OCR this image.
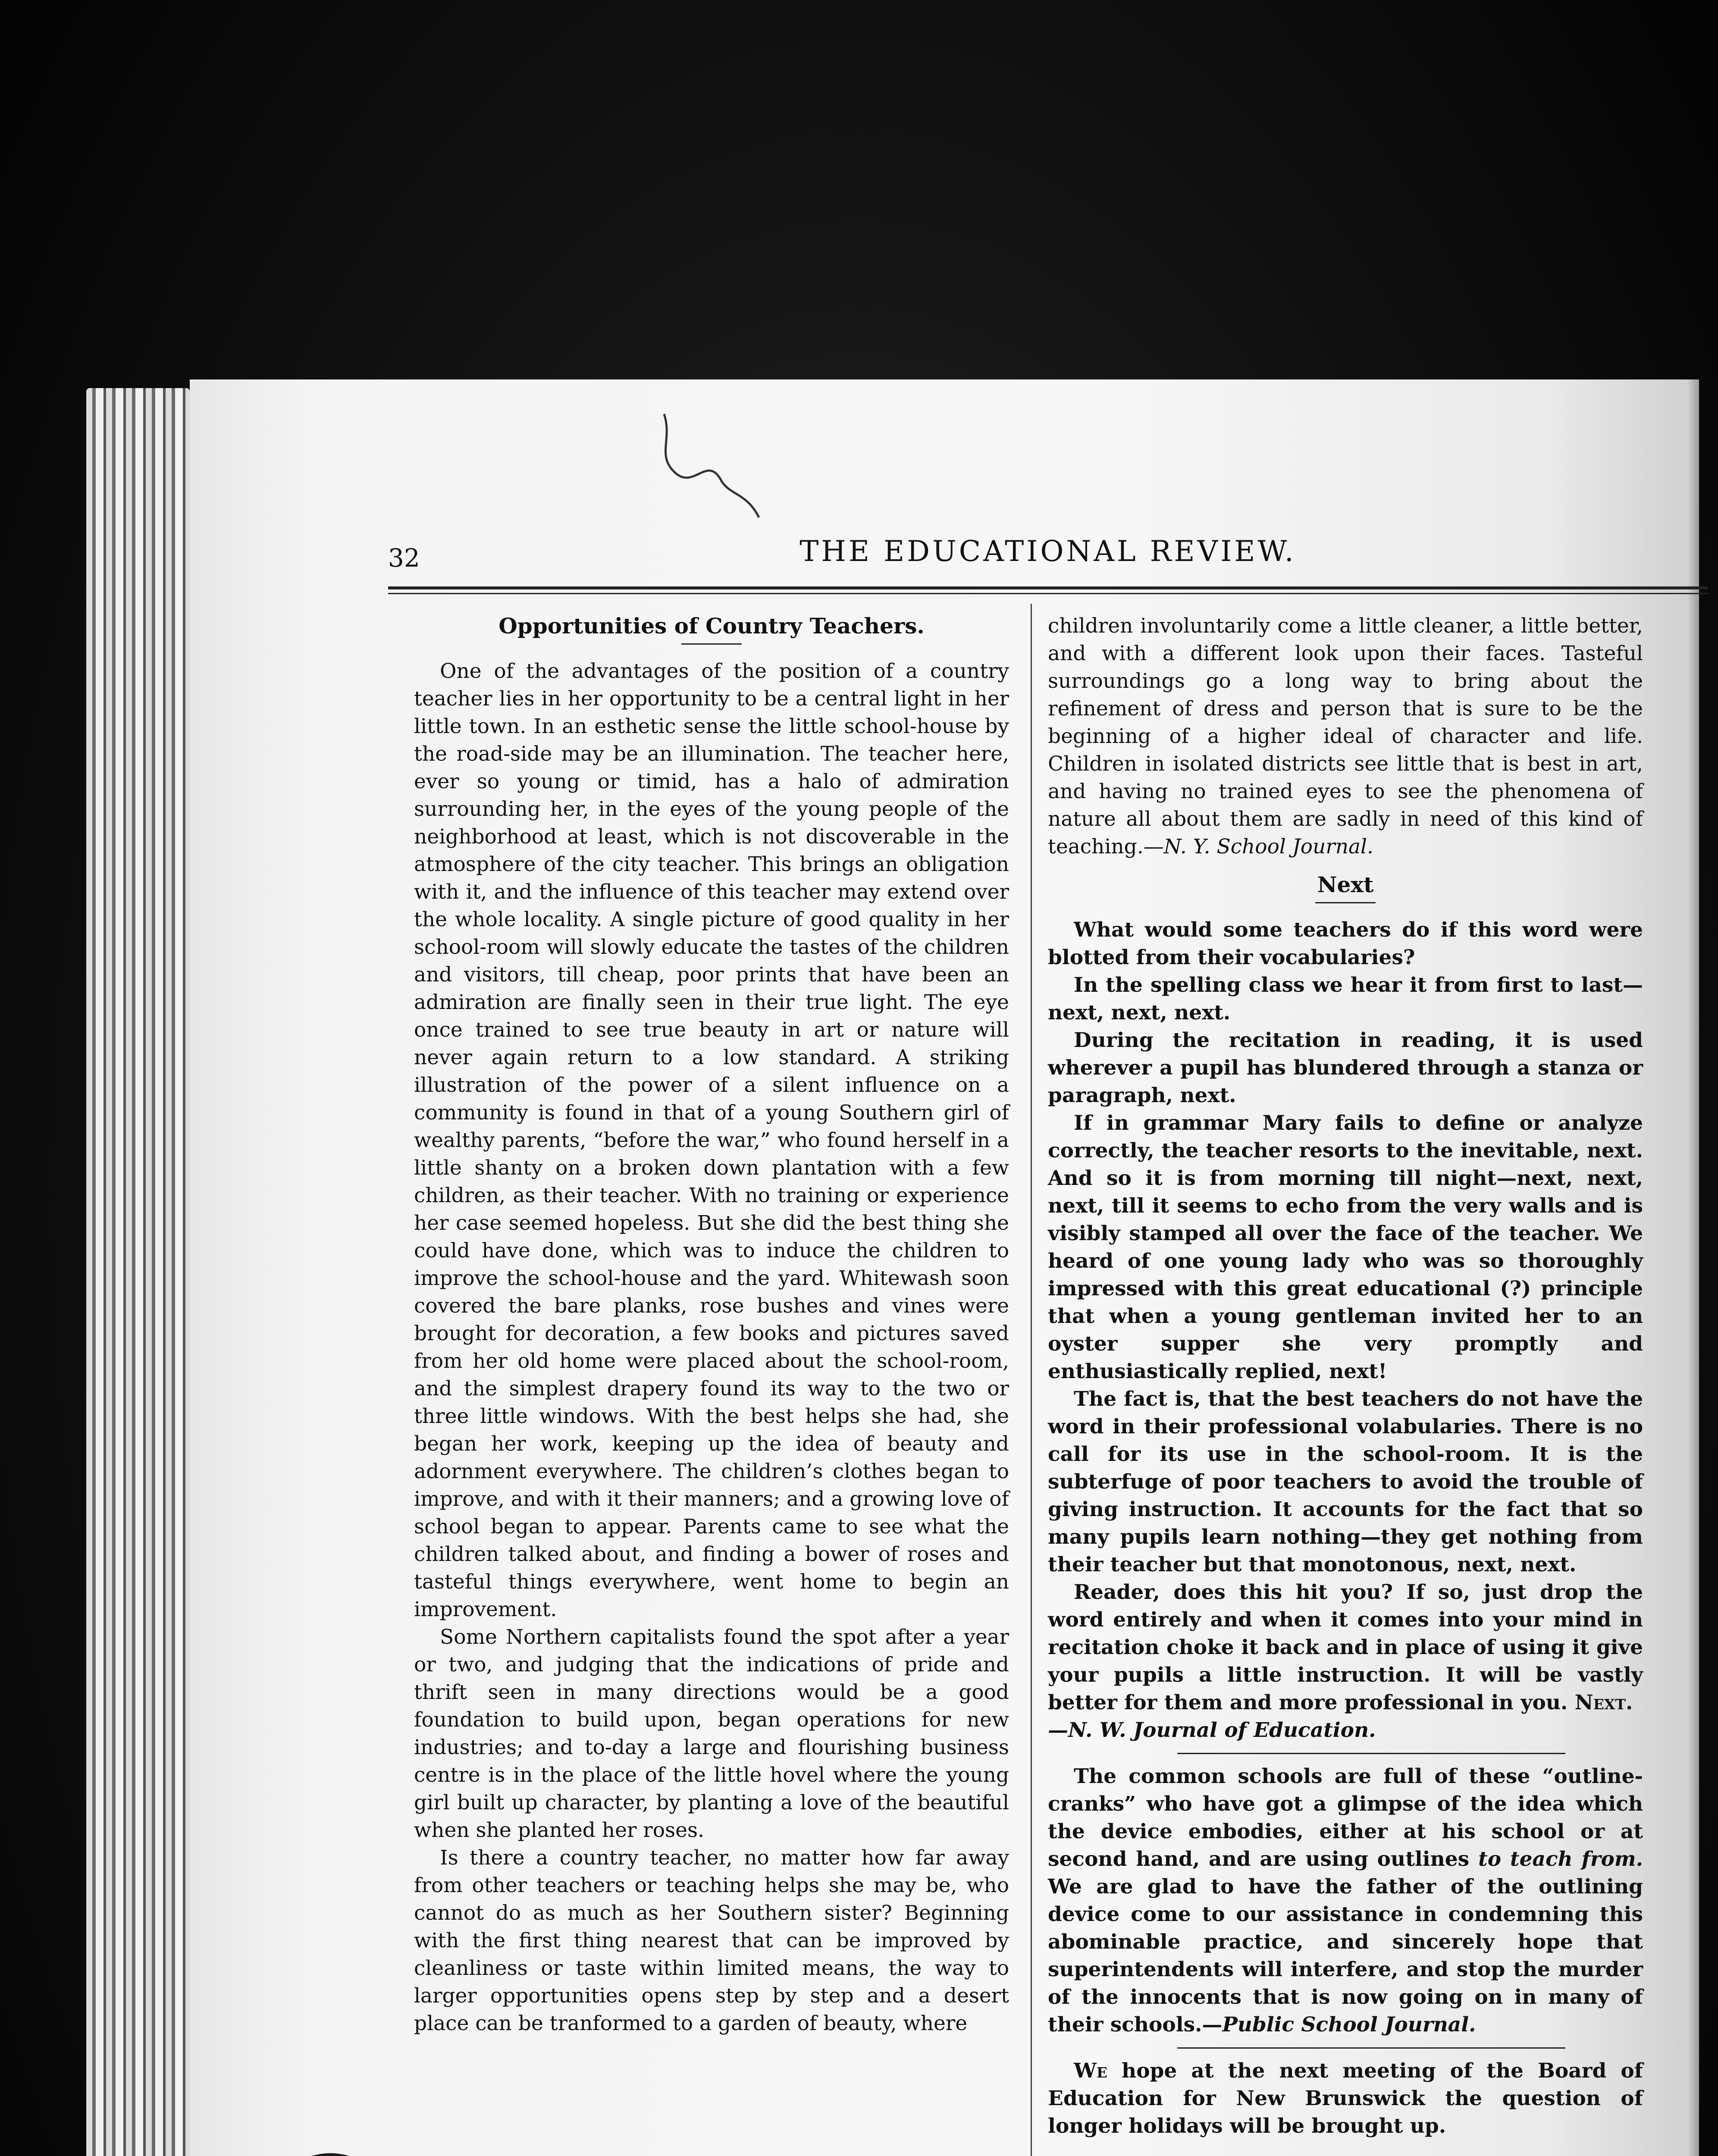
32	THE EDUCATIONAL REVIEW.

Opportunities of Country Teachers.

One of the advantages of the position of a country teacher lies in her opportunity to be a central light in her little town. In an esthetic sense the little school-house by the road-side may be an illumination. The teacher here, ever so young or timid, has a halo of admiration surrounding her, in the eyes of the young people of the neighborhood at least, which is not discoverable in the atmosphere of the city teacher. This brings an obligation with it, and the influence of this teacher may extend over the whole locality. A single picture of good quality in her school-room will slowly educate the tastes of the children and visitors, till cheap, poor prints that have been an admiration are finally seen in their true light. The eye once trained to see true beauty in art or nature will never again return to a low standard. A striking illustration of the power of a silent influence on a community is found in that of a young Southern girl of wealthy parents, “before the war,” who found herself in a little shanty on a broken down plantation with a few children, as their teacher. With no training or experience her case seemed hopeless. But she did the best thing she could have done, which was to induce the children to improve the school-house and the yard. Whitewash soon covered the bare planks, rose bushes and vines were brought for decoration, a few books and pictures saved from her old home were placed about the school-room, and the simplest drapery found its way to the two or three little windows. With the best helps she had, she began her work, keeping up the idea of beauty and adornment everywhere. The children’s clothes began to improve, and with it their manners; and a growing love of school began to appear. Parents came to see what the children talked about, and finding a bower of roses and tasteful things everywhere, went home to begin an improvement.

Some Northern capitalists found the spot after a year or two, and judging that the indications of pride and thrift seen in many directions would be a good foundation to build upon, began operations for new industries; and to-day a large and flourishing business centre is in the place of the little hovel where the young girl built up character, by planting a love of the beautiful when she planted her roses.

Is there a country teacher, no matter how far away from other teachers or teaching helps she may be, who cannot do as much as her Southern sister? Beginning with the first thing nearest that can be improved by cleanliness or taste within limited means, the way to larger opportunities opens step by step and a desert place can be tranformed to a garden of beauty, where

children involuntarily come a little cleaner, a little better, and with a different look upon their faces. Tasteful surroundings go a long way to bring about the refinement of dress and person that is sure to be the beginning of a higher ideal of character and life. Children in isolated districts see little that is best in art, and having no trained eyes to see the phenomena of nature all about them are sadly in need of this kind of teaching.—N. Y. School Journal.

Next

What would some teachers do if this word were blotted from their vocabularies?

In the spelling class we hear it from first to last—next, next, next.

During the recitation in reading, it is used wherever a pupil has blundered through a stanza or paragraph, next.

If in grammar Mary fails to define or analyze correctly, the teacher resorts to the inevitable, next. And so it is from morning till night—next, next, next, till it seems to echo from the very walls and is visibly stamped all over the face of the teacher. We heard of one young lady who was so thoroughly impressed with this great educational (?) principle that when a young gentleman invited her to an oyster supper she very promptly and enthusiastically replied, next!

The fact is, that the best teachers do not have the word in their professional volabularies. There is no call for its use in the school-room. It is the subterfuge of poor teachers to avoid the trouble of giving instruction. It accounts for the fact that so many pupils learn nothing—they get nothing from their teacher but that monotonous, next, next.

Reader, does this hit you? If so, just drop the word entirely and when it comes into your mind in recitation choke it back and in place of using it give your pupils a little instruction. It will be vastly better for them and more professional in you. Next.

—N. W. Journal of Education.

The common schools are full of these “outline-cranks” who have got a glimpse of the idea which the device embodies, either at his school or at second hand, and are using outlines to teach from. We are glad to have the father of the outlining device come to our assistance in condemning this abominable practice, and sincerely hope that superintendents will interfere, and stop the murder of the innocents that is now going on in many of their schools.—Public School Journal.

We hope at the next meeting of the Board of Education for New Brunswick the question of longer holidays will be brought up.
